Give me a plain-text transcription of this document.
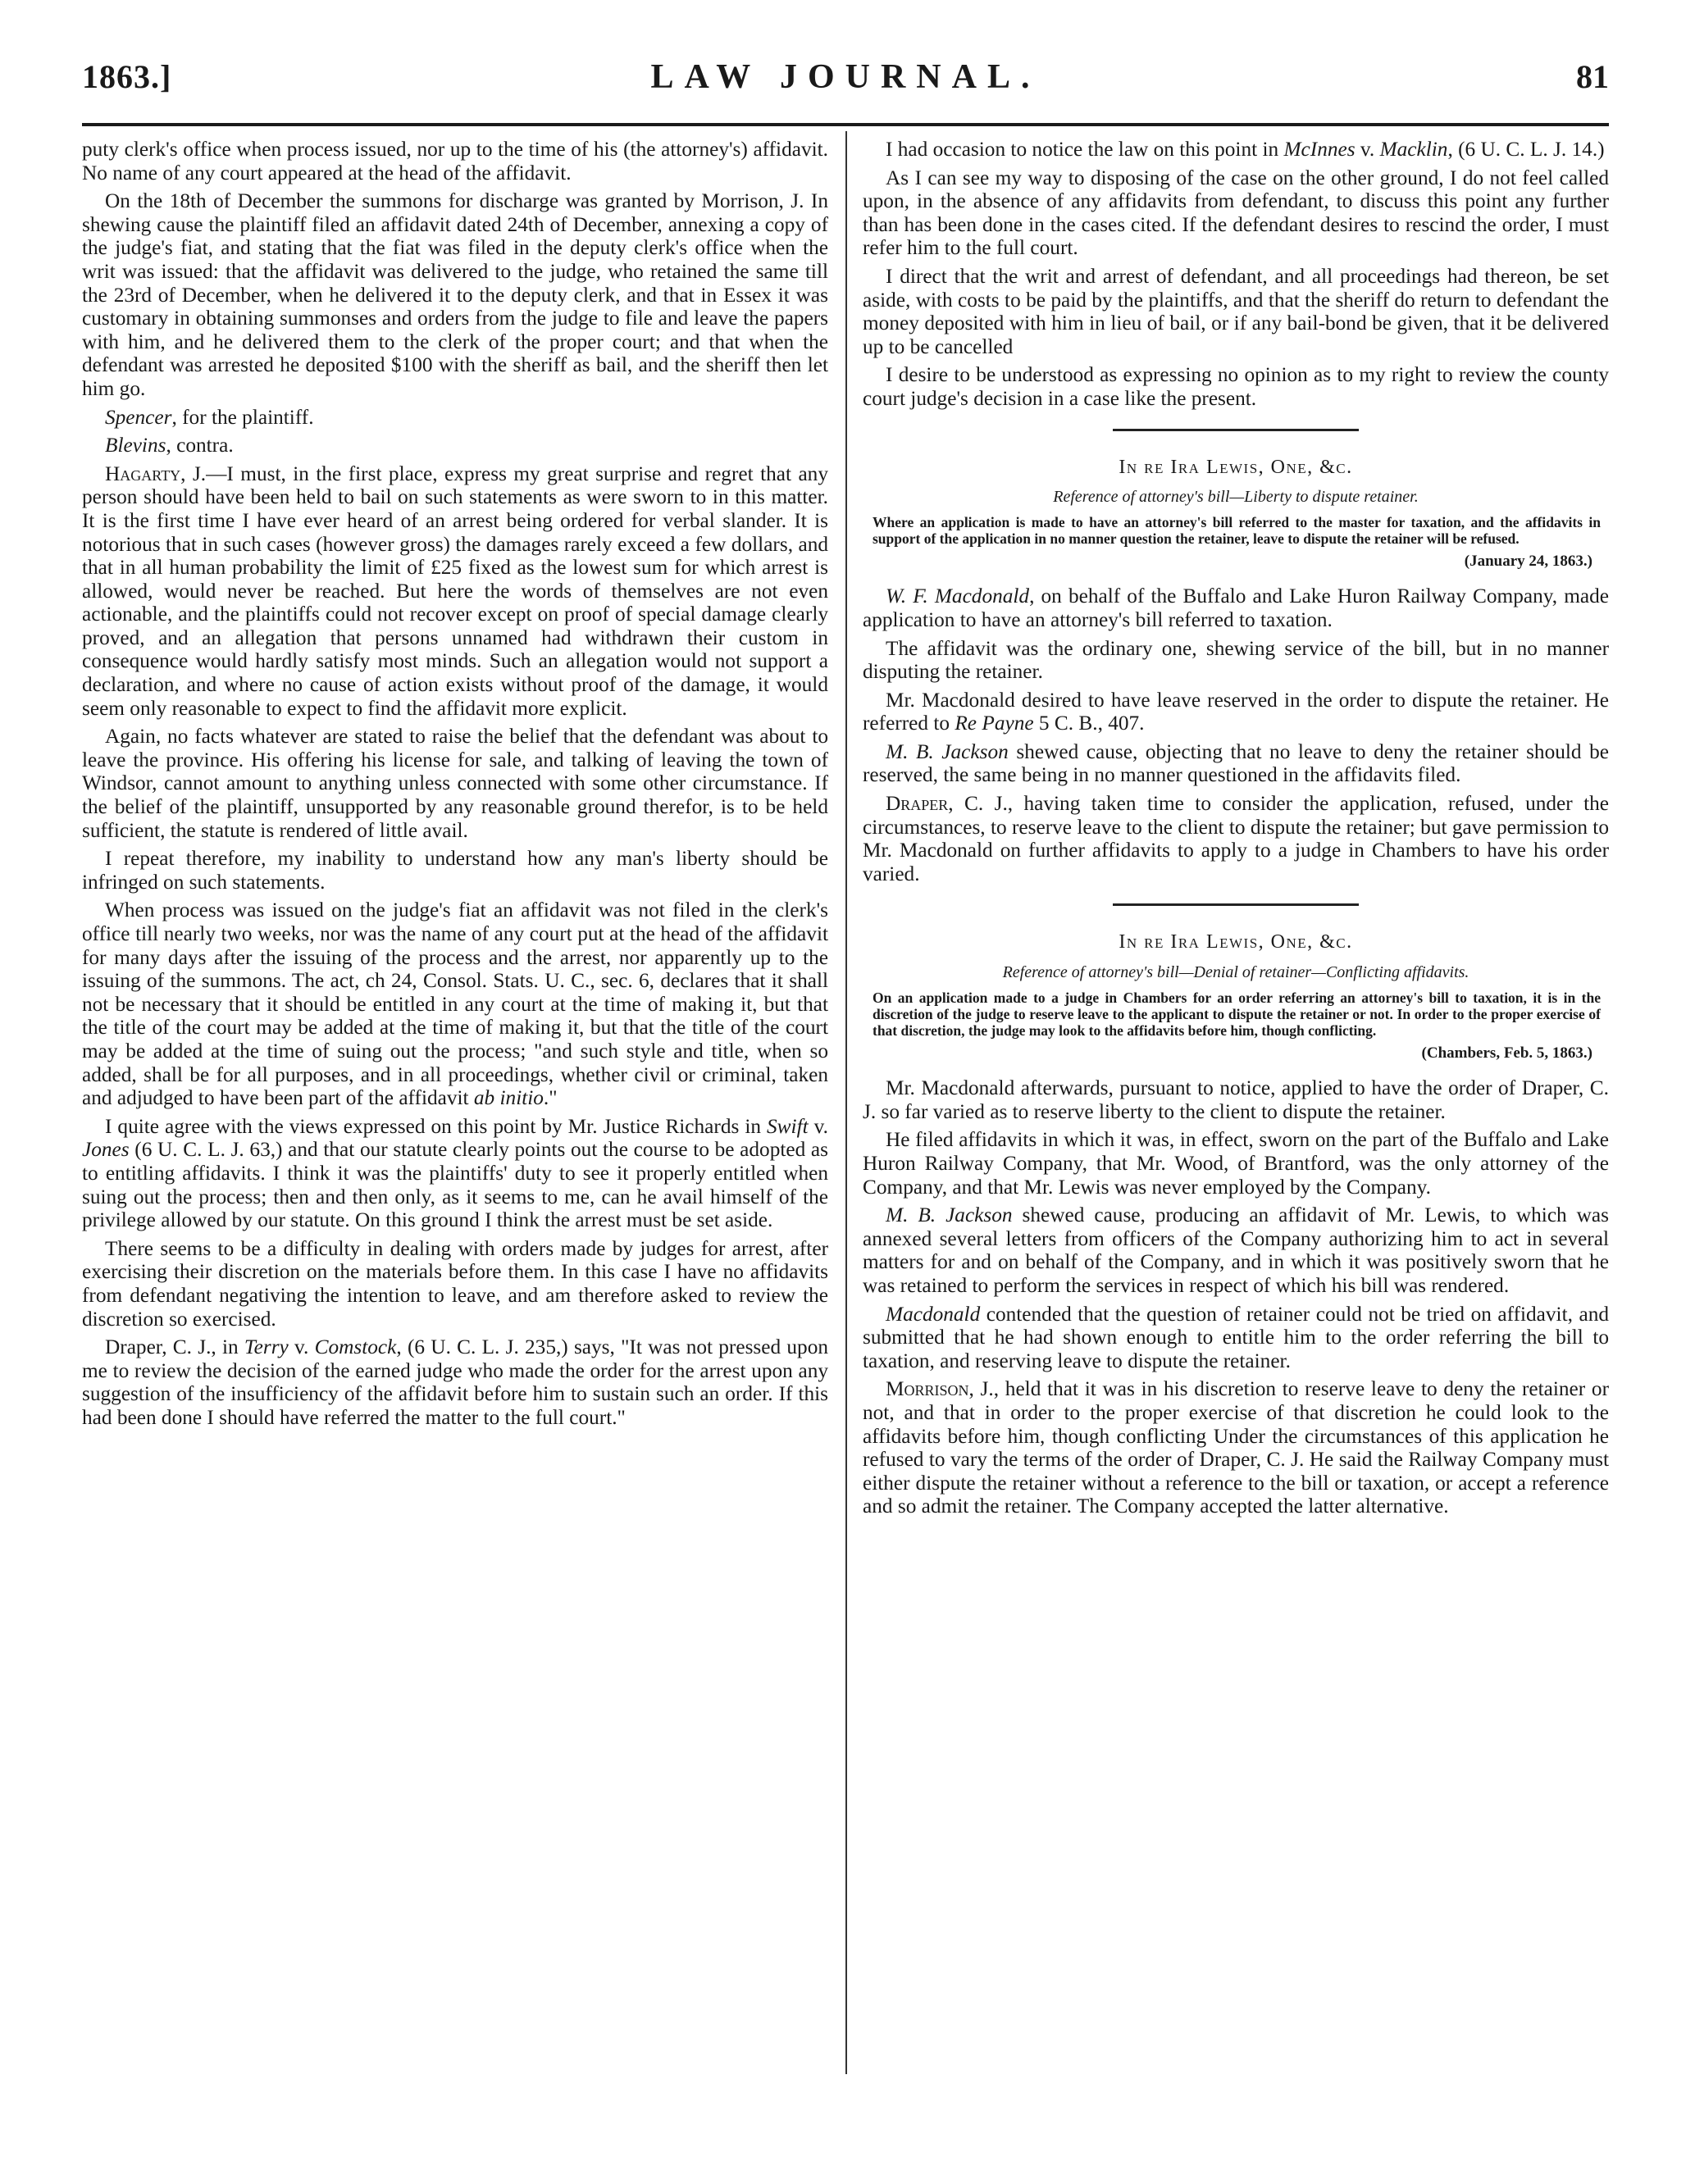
1863.]	LAW JOURNAL.	81

puty clerk's office when process issued, nor up to the time of his (the attorney's) affidavit. No name of any court appeared at the head of the affidavit.

On the 18th of December the summons for discharge was granted by Morrison, J. In shewing cause the plaintiff filed an affidavit dated 24th of December, annexing a copy of the judge's fiat, and stating that the fiat was filed in the deputy clerk's office when the writ was issued: that the affidavit was delivered to the judge, who retained the same till the 23rd of December, when he delivered it to the deputy clerk, and that in Essex it was customary in obtaining summonses and orders from the judge to file and leave the papers with him, and he delivered them to the clerk of the proper court; and that when the defendant was arrested he deposited $100 with the sheriff as bail, and the sheriff then let him go.

Spencer, for the plaintiff.

Blevins, contra.

Hagarty, J.—I must, in the first place, express my great surprise and regret that any person should have been held to bail on such statements as were sworn to in this matter. It is the first time I have ever heard of an arrest being ordered for verbal slander. It is notorious that in such cases (however gross) the damages rarely exceed a few dollars, and that in all human probability the limit of £25 fixed as the lowest sum for which arrest is allowed, would never be reached. But here the words of themselves are not even actionable, and the plaintiffs could not recover except on proof of special damage clearly proved, and an allegation that persons unnamed had withdrawn their custom in consequence would hardly satisfy most minds. Such an allegation would not support a declaration, and where no cause of action exists without proof of the damage, it would seem only reasonable to expect to find the affidavit more explicit.

Again, no facts whatever are stated to raise the belief that the defendant was about to leave the province. His offering his license for sale, and talking of leaving the town of Windsor, cannot amount to anything unless connected with some other circumstance. If the belief of the plaintiff, unsupported by any reasonable ground therefor, is to be held sufficient, the statute is rendered of little avail.

I repeat therefore, my inability to understand how any man's liberty should be infringed on such statements.

When process was issued on the judge's fiat an affidavit was not filed in the clerk's office till nearly two weeks, nor was the name of any court put at the head of the affidavit for many days after the issuing of the process and the arrest, nor apparently up to the issuing of the summons. The act, ch 24, Consol. Stats. U. C., sec. 6, declares that it shall not be necessary that it should be entitled in any court at the time of making it, but that the title of the court may be added at the time of making it, but that the title of the court may be added at the time of suing out the process; "and such style and title, when so added, shall be for all purposes, and in all proceedings, whether civil or criminal, taken and adjudged to have been part of the affidavit ab initio."

I quite agree with the views expressed on this point by Mr. Justice Richards in Swift v. Jones (6 U. C. L. J. 63,) and that our statute clearly points out the course to be adopted as to entitling affidavits. I think it was the plaintiffs' duty to see it properly entitled when suing out the process; then and then only, as it seems to me, can he avail himself of the privilege allowed by our statute. On this ground I think the arrest must be set aside.

There seems to be a difficulty in dealing with orders made by judges for arrest, after exercising their discretion on the materials before them. In this case I have no affidavits from defendant negativing the intention to leave, and am therefore asked to review the discretion so exercised.

Draper, C. J., in Terry v. Comstock, (6 U. C. L. J. 235,) says, "It was not pressed upon me to review the decision of the earned judge who made the order for the arrest upon any suggestion of the insufficiency of the affidavit before him to sustain such an order. If this had been done I should have referred the matter to the full court."

I had occasion to notice the law on this point in McInnes v. Macklin, (6 U. C. L. J. 14.)

As I can see my way to disposing of the case on the other ground, I do not feel called upon, in the absence of any affidavits from defendant, to discuss this point any further than has been done in the cases cited. If the defendant desires to rescind the order, I must refer him to the full court.

I direct that the writ and arrest of defendant, and all proceedings had thereon, be set aside, with costs to be paid by the plaintiffs, and that the sheriff do return to defendant the money deposited with him in lieu of bail, or if any bail-bond be given, that it be delivered up to be cancelled

I desire to be understood as expressing no opinion as to my right to review the county court judge's decision in a case like the present.

In re Ira Lewis, One, &c.
Reference of attorney's bill—Liberty to dispute retainer.
Where an application is made to have an attorney's bill referred to the master for taxation, and the affidavits in support of the application in no manner question the retainer, leave to dispute the retainer will be refused.
(January 24, 1863.)

W. F. Macdonald, on behalf of the Buffalo and Lake Huron Railway Company, made application to have an attorney's bill referred to taxation.

The affidavit was the ordinary one, shewing service of the bill, but in no manner disputing the retainer.

Mr. Macdonald desired to have leave reserved in the order to dispute the retainer. He referred to Re Payne 5 C. B., 407.

M. B. Jackson shewed cause, objecting that no leave to deny the retainer should be reserved, the same being in no manner questioned in the affidavits filed.

Draper, C. J., having taken time to consider the application, refused, under the circumstances, to reserve leave to the client to dispute the retainer; but gave permission to Mr. Macdonald on further affidavits to apply to a judge in Chambers to have his order varied.

In re Ira Lewis, One, &c.
Reference of attorney's bill—Denial of retainer—Conflicting affidavits.
On an application made to a judge in Chambers for an order referring an attorney's bill to taxation, it is in the discretion of the judge to reserve leave to the applicant to dispute the retainer or not. In order to the proper exercise of that discretion, the judge may look to the affidavits before him, though conflicting.
(Chambers, Feb. 5, 1863.)

Mr. Macdonald afterwards, pursuant to notice, applied to have the order of Draper, C. J. so far varied as to reserve liberty to the client to dispute the retainer.

He filed affidavits in which it was, in effect, sworn on the part of the Buffalo and Lake Huron Railway Company, that Mr. Wood, of Brantford, was the only attorney of the Company, and that Mr. Lewis was never employed by the Company.

M. B. Jackson shewed cause, producing an affidavit of Mr. Lewis, to which was annexed several letters from officers of the Company authorizing him to act in several matters for and on behalf of the Company, and in which it was positively sworn that he was retained to perform the services in respect of which his bill was rendered.

Macdonald contended that the question of retainer could not be tried on affidavit, and submitted that he had shown enough to entitle him to the order referring the bill to taxation, and reserving leave to dispute the retainer.

Morrison, J., held that it was in his discretion to reserve leave to deny the retainer or not, and that in order to the proper exercise of that discretion he could look to the affidavits before him, though conflicting Under the circumstances of this application he refused to vary the terms of the order of Draper, C. J. He said the Railway Company must either dispute the retainer without a reference to the bill or taxation, or accept a reference and so admit the retainer. The Company accepted the latter alternative.
